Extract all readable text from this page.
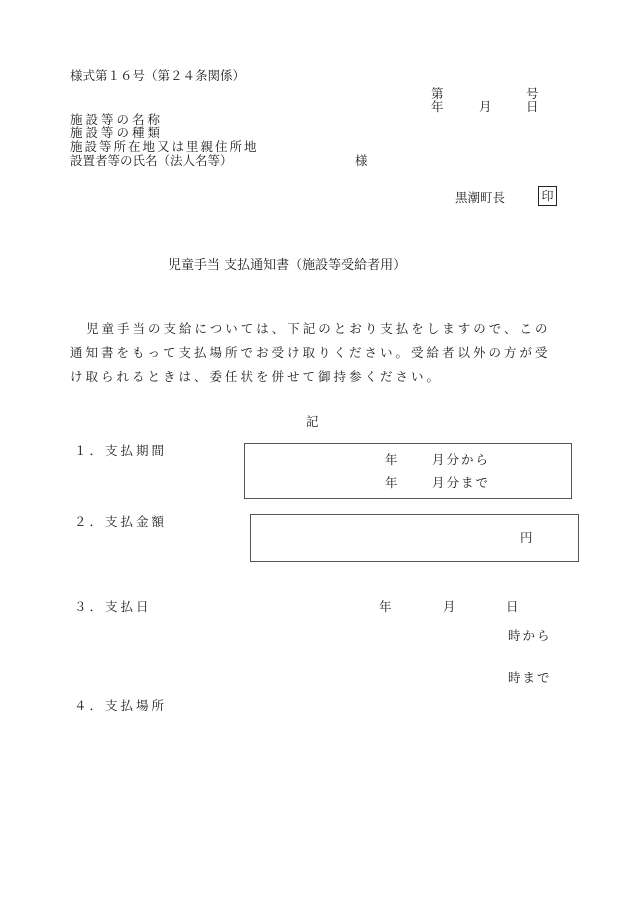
様式第１６号（第２４条関係）
第	号
年	月	日
施設等の名称
施設等の種類
施設等所在地又は里親住所地
設置者等の氏名（法人名等）	様
黒潮町長	印
児童手当 支払通知書（施設等受給者用）
児童手当の支給については、下記のとおり支払をしますので、この
通知書をもって支払場所でお受け取りください。受給者以外の方が受
け取られるときは、委任状を併せて御持参ください。
記
１．支払期間
年	月分から
年	月分まで
２．支払金額
円
３．支払日	年	月	日
時から
時まで
４．支払場所
